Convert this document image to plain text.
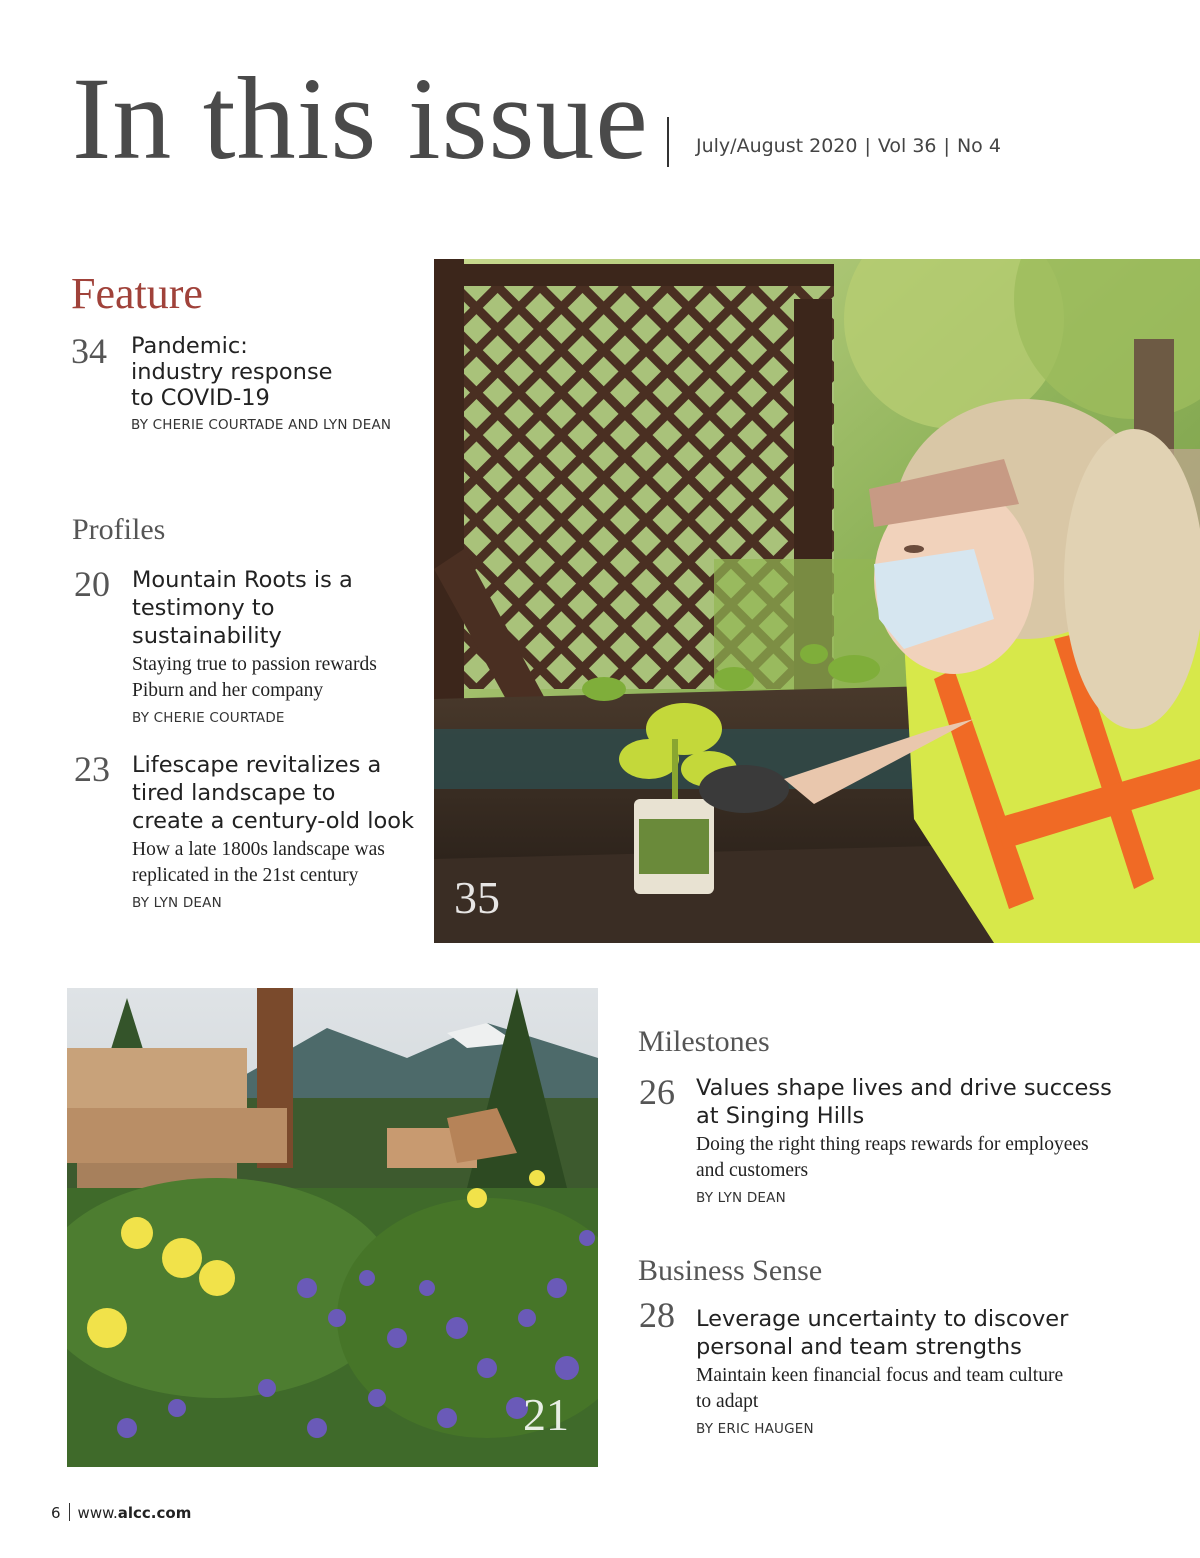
In this issue July/August 2020 | Vol 36 | No 4
Feature
34 Pandemic:
industry response
to COVID-19
BY CHERIE COURTADE AND LYN DEAN
Profiles
20 Mountain Roots is a
testimony to
sustainability
Staying true to passion rewards
Piburn and her company
BY CHERIE COURTADE
23 Lifescape revitalizes a
tired landscape to
create a century-old look
How a late 1800s landscape was
replicated in the 21st century
BY LYN DEAN	35
21
Milestones
26 Values shape lives and drive success
at Singing Hills
Doing the right thing reaps rewards for employees
and customers
BY LYN DEAN
Business Sense
28 Leverage uncertainty to discover
personal and team strengths
Maintain keen financial focus and team culture
to adapt
BY ERIC HAUGEN
6 www.alcc.com
